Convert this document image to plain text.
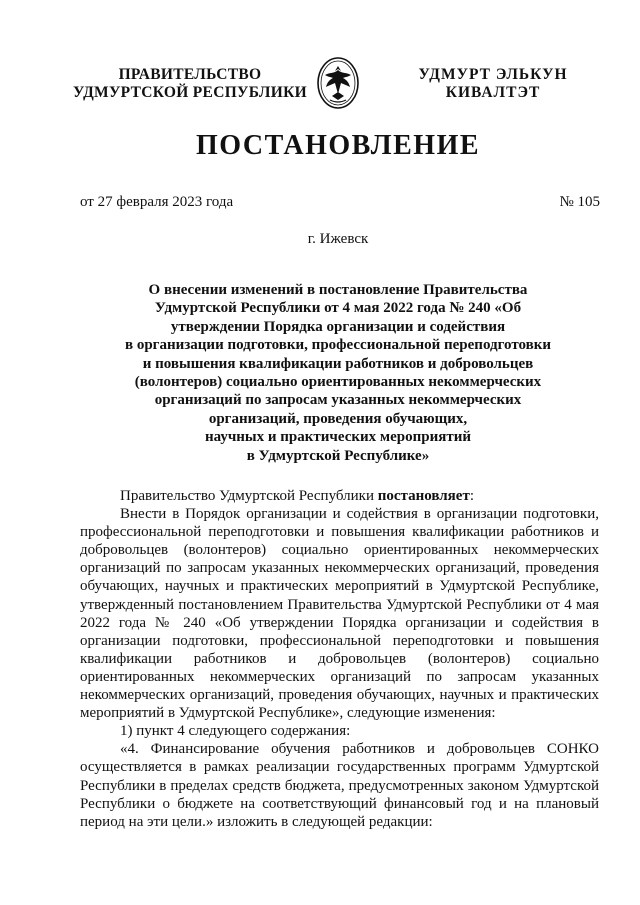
ПРАВИТЕЛЬСТВО
УДМУРТСКОЙ РЕСПУБЛИКИ
УДМУРТ ЭЛЬКУН
КИВАЛТЭТ
ПОСТАНОВЛЕНИЕ
от 27 февраля 2023 года	№ 105
г. Ижевск
О внесении изменений в постановление Правительства
Удмуртской Республики от 4 мая 2022 года № 240 «Об
утверждении Порядка организации и содействия
в организации подготовки, профессиональной переподготовки
и повышения квалификации работников и добровольцев
(волонтеров) социально ориентированных некоммерческих
организаций по запросам указанных некоммерческих
организаций, проведения обучающих,
научных и практических мероприятий
в Удмуртской Республике»

Правительство Удмуртской Республики постановляет:

Внести в Порядок организации и содействия в организации подготовки, профессиональной переподготовки и повышения квалификации работников и добровольцев (волонтеров) социально ориентированных некоммерческих организаций по запросам указанных некоммерческих организаций, проведения обучающих, научных и практических мероприятий в Удмуртской Республике, утвержденный постановлением Правительства Удмуртской Республики от 4 мая 2022 года № 240 «Об утверждении Порядка организации и содействия в организации подготовки, профессиональной переподготовки и повышения квалификации работников и добровольцев (волонтеров) социально ориентированных некоммерческих организаций по запросам указанных некоммерческих организаций, проведения обучающих, научных и практических мероприятий в Удмуртской Республике», следующие изменения:

1) пункт 4 следующего содержания:

«4. Финансирование обучения работников и добровольцев СОНКО осуществляется в рамках реализации государственных программ Удмуртской Республики в пределах средств бюджета, предусмотренных законом Удмуртской Республики о бюджете на соответствующий финансовый год и на плановый период на эти цели.» изложить в следующей редакции:
